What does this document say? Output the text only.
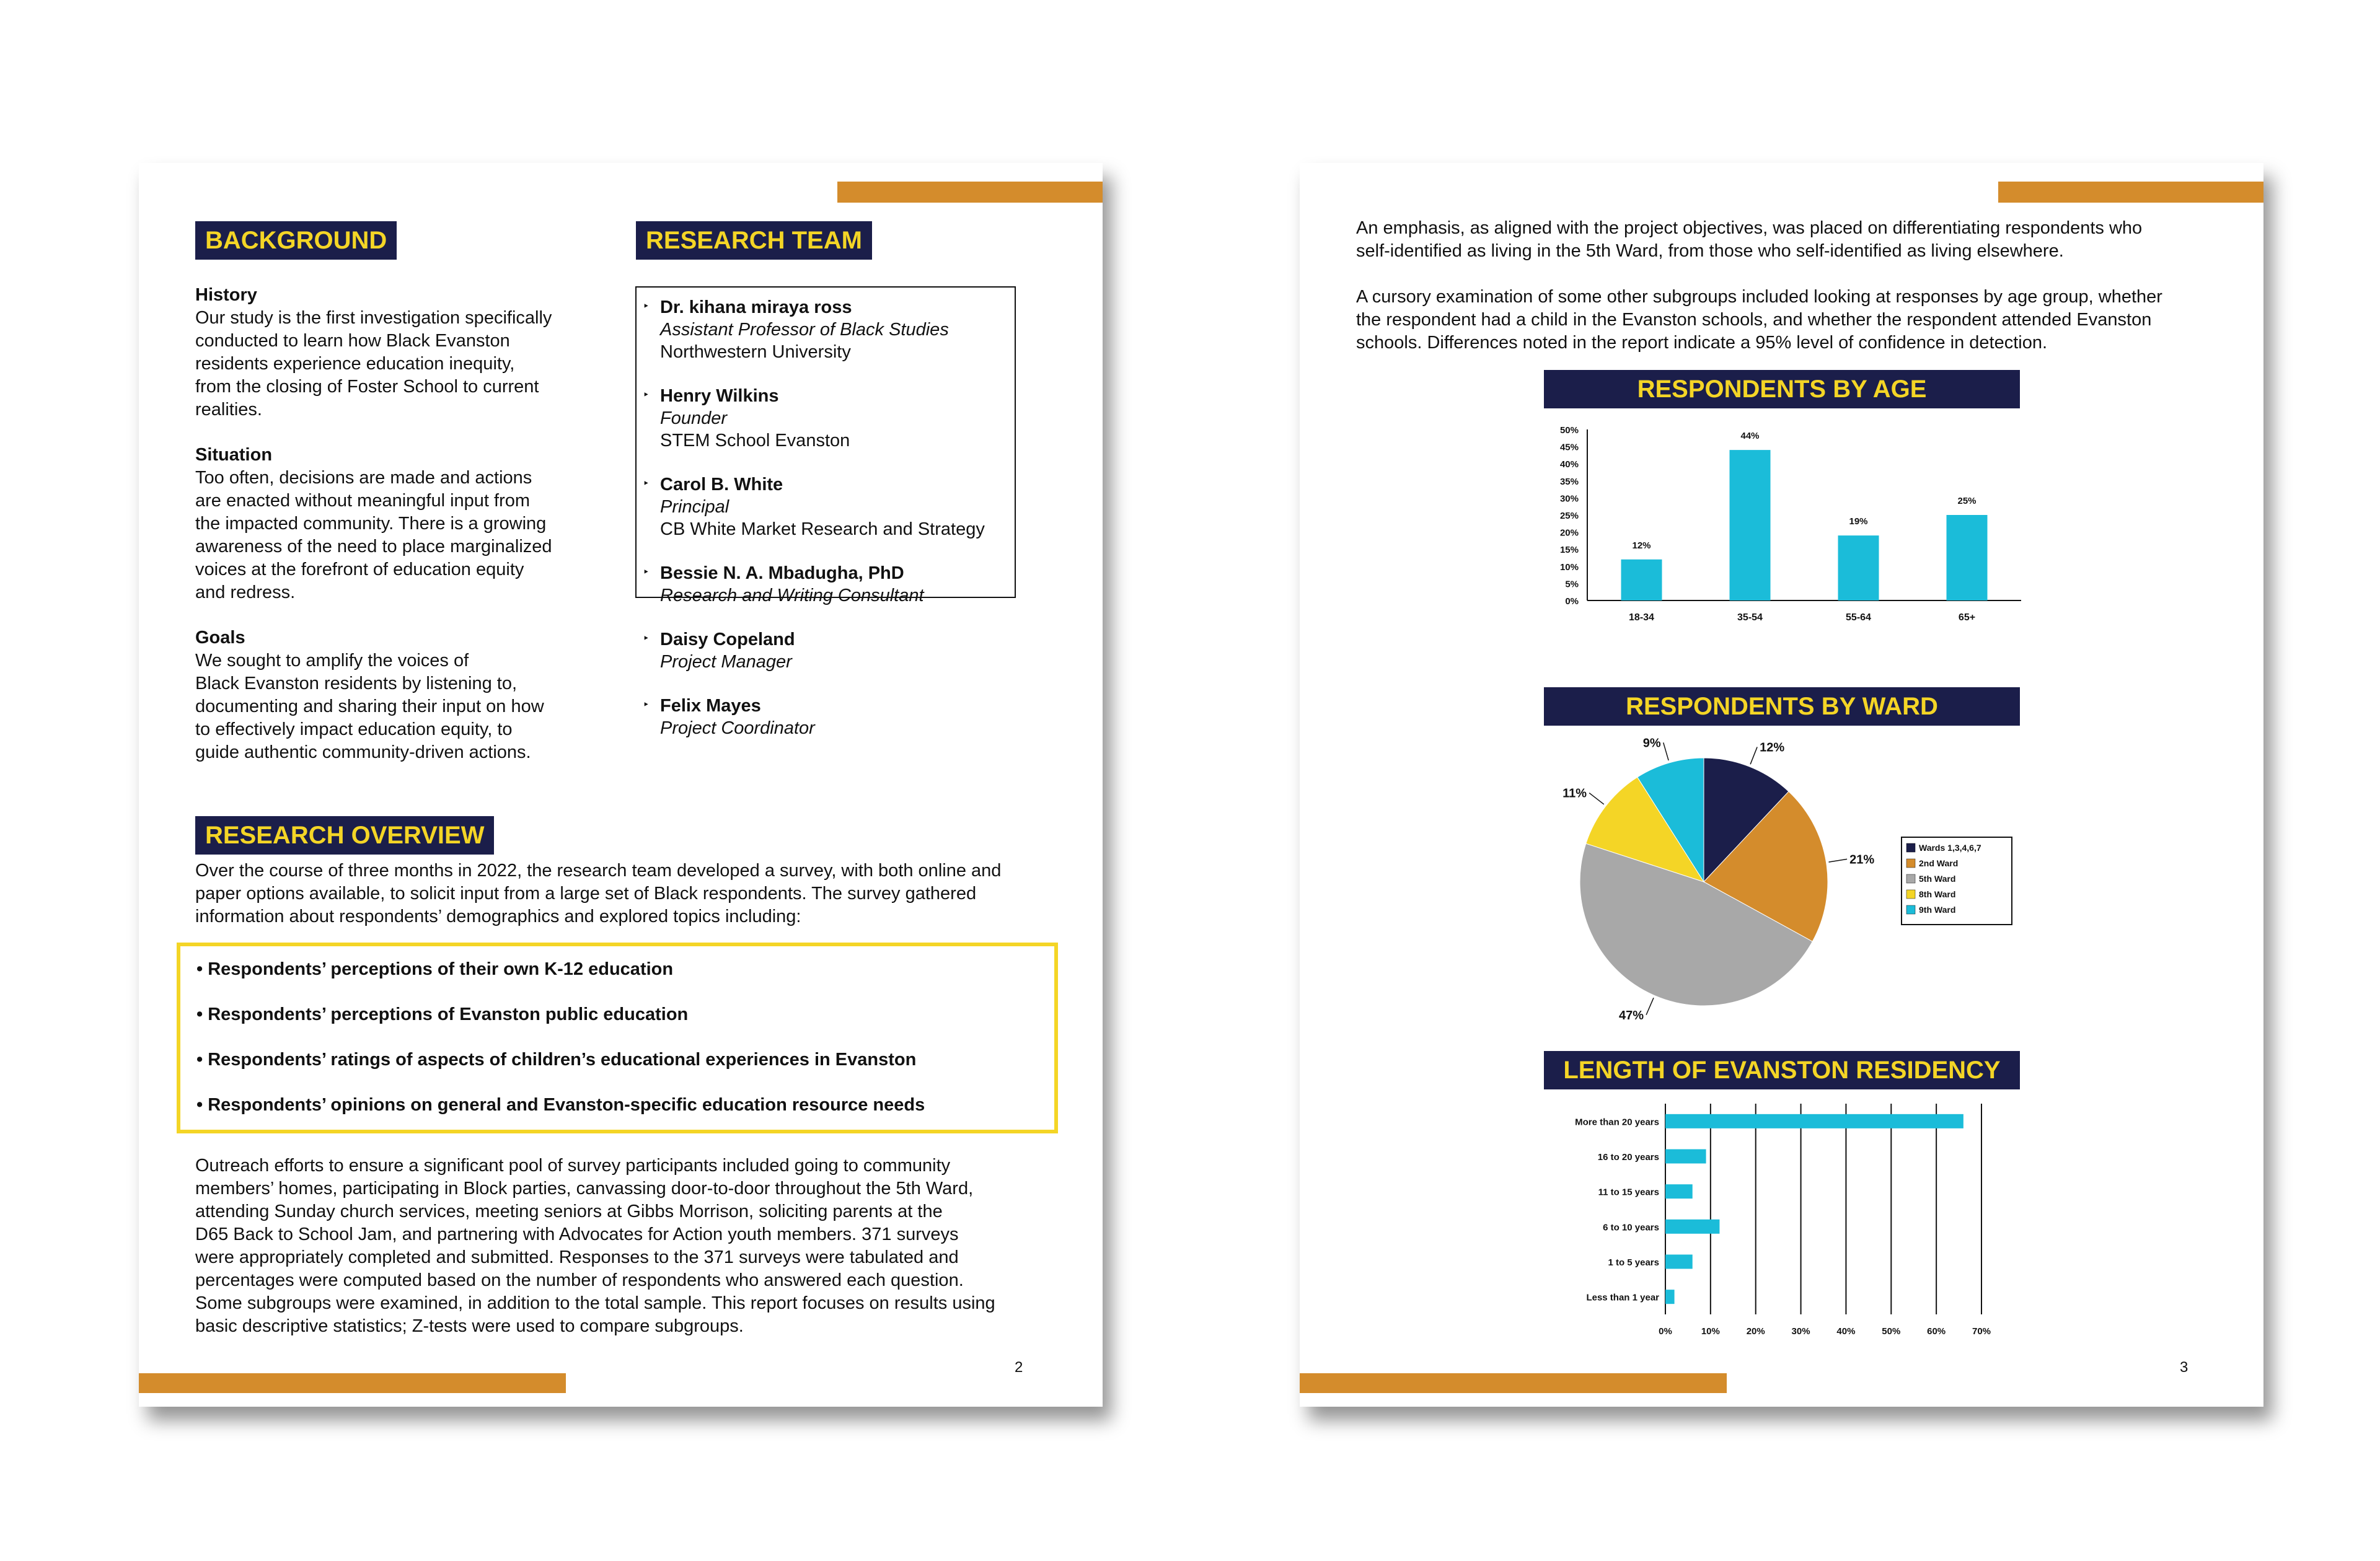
BACKGROUND
History

Our study is the first investigation specifically

conducted to learn how Black Evanston

residents experience education inequity,

from the closing of Foster School to current

realities.

Situation

Too often, decisions are made and actions

are enacted without meaningful input from

the impacted community. There is a growing

awareness of the need to place marginalized

voices at the forefront of education equity

and redress.

Goals

We sought to amplify the voices of

Black Evanston residents by listening to,

documenting and sharing their input on how

to effectively impact education equity, to

guide authentic community-driven actions.

RESEARCH TEAM
‣ Dr. kihana miraya ross
Assistant Professor of Black Studies
Northwestern University
‣ Henry Wilkins
Founder
STEM School Evanston
‣ Carol B. White
Principal
CB White Market Research and Strategy
‣ Bessie N. A. Mbadugha, PhD
Research and Writing Consultant
‣ Daisy Copeland
Project Manager
‣ Felix Mayes
Project Coordinator
RESEARCH OVERVIEW

Over the course of three months in 2022, the research team developed a survey, with both online and

paper options available, to solicit input from a large set of Black respondents. The survey gathered

information about respondents’ demographics and explored topics including:

• Respondents’ perceptions of their own K-12 education
• Respondents’ perceptions of Evanston public education
• Respondents’ ratings of aspects of children’s educational experiences in Evanston
• Respondents’ opinions on general and Evanston-specific education resource needs

Outreach efforts to ensure a significant pool of survey participants included going to community

members’ homes, participating in Block parties, canvassing door-to-door throughout the 5th Ward,

attending Sunday church services, meeting seniors at Gibbs Morrison, soliciting parents at the

D65 Back to School Jam, and partnering with Advocates for Action youth members. 371 surveys

were appropriately completed and submitted. Responses to the 371 surveys were tabulated and

percentages were computed based on the number of respondents who answered each question.

Some subgroups were examined, in addition to the total sample. This report focuses on results using

basic descriptive statistics; Z-tests were used to compare subgroups.

2

An emphasis, as aligned with the project objectives, was placed on differentiating respondents who

self-identified as living in the 5th Ward, from those who self-identified as living elsewhere.

A cursory examination of some other subgroups included looking at responses by age group, whether

the respondent had a child in the Evanston schools, and whether the respondent attended Evanston

schools. Differences noted in the report indicate a 95% level of confidence in detection.

RESPONDENTS BY AGE
0%
5%
10%
15%
20%
25%
30%
35%
40%
45%
50%
12%
18-34
44%
35-54
19%
55-64
25%
65+
RESPONDENTS BY WARD
12%
21%
47%
11%
9%
Wards 1,3,4,6,7
2nd Ward
5th Ward
8th Ward
9th Ward
LENGTH OF EVANSTON RESIDENCY
0%	10%	20%	30%	40%	50%	60%	70%
More than 20 years
16 to 20 years
11 to 15 years
6 to 10 years
1 to 5 years
Less than 1 year
3
